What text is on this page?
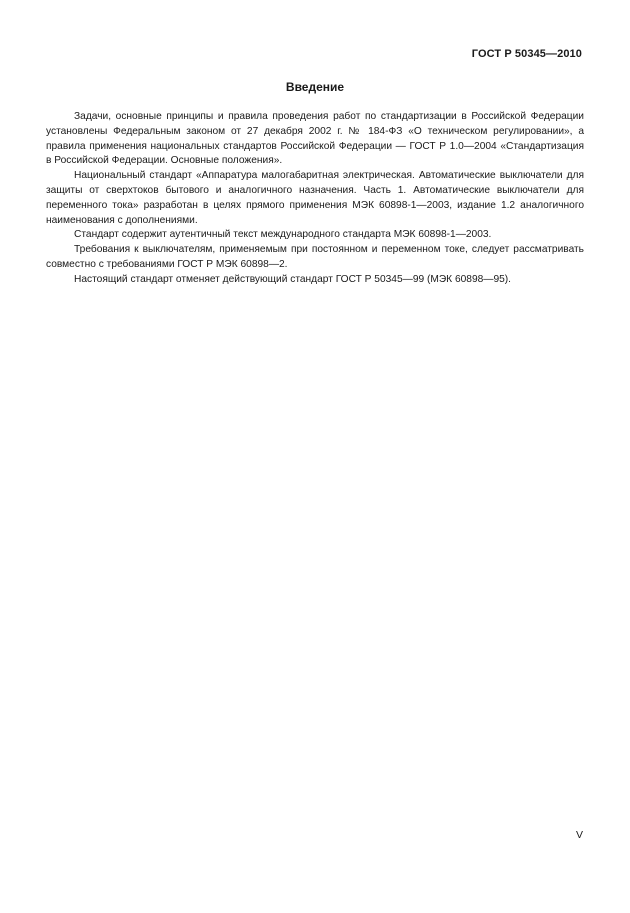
ГОСТ Р 50345—2010
Введение

Задачи, основные принципы и правила проведения работ по стандартизации в Российской Федерации установлены Федеральным законом от 27 декабря 2002 г. № 184-ФЗ «О техническом регулировании», а правила применения национальных стандартов Российской Федерации — ГОСТ Р 1.0—2004 «Стандартизация в Российской Федерации. Основные положения».

Национальный стандарт «Аппаратура малогабаритная электрическая. Автоматические выключатели для защиты от сверхтоков бытового и аналогичного назначения. Часть 1. Автоматические выключатели для переменного тока» разработан в целях прямого применения МЭК 60898-1—2003, издание 1.2 аналогичного наименования с дополнениями.

Стандарт содержит аутентичный текст международного стандарта МЭК 60898-1—2003.

Требования к выключателям, применяемым при постоянном и переменном токе, следует рассматривать совместно с требованиями ГОСТ Р МЭК 60898—2.

Настоящий стандарт отменяет действующий стандарт ГОСТ Р 50345—99 (МЭК 60898—95).

V
